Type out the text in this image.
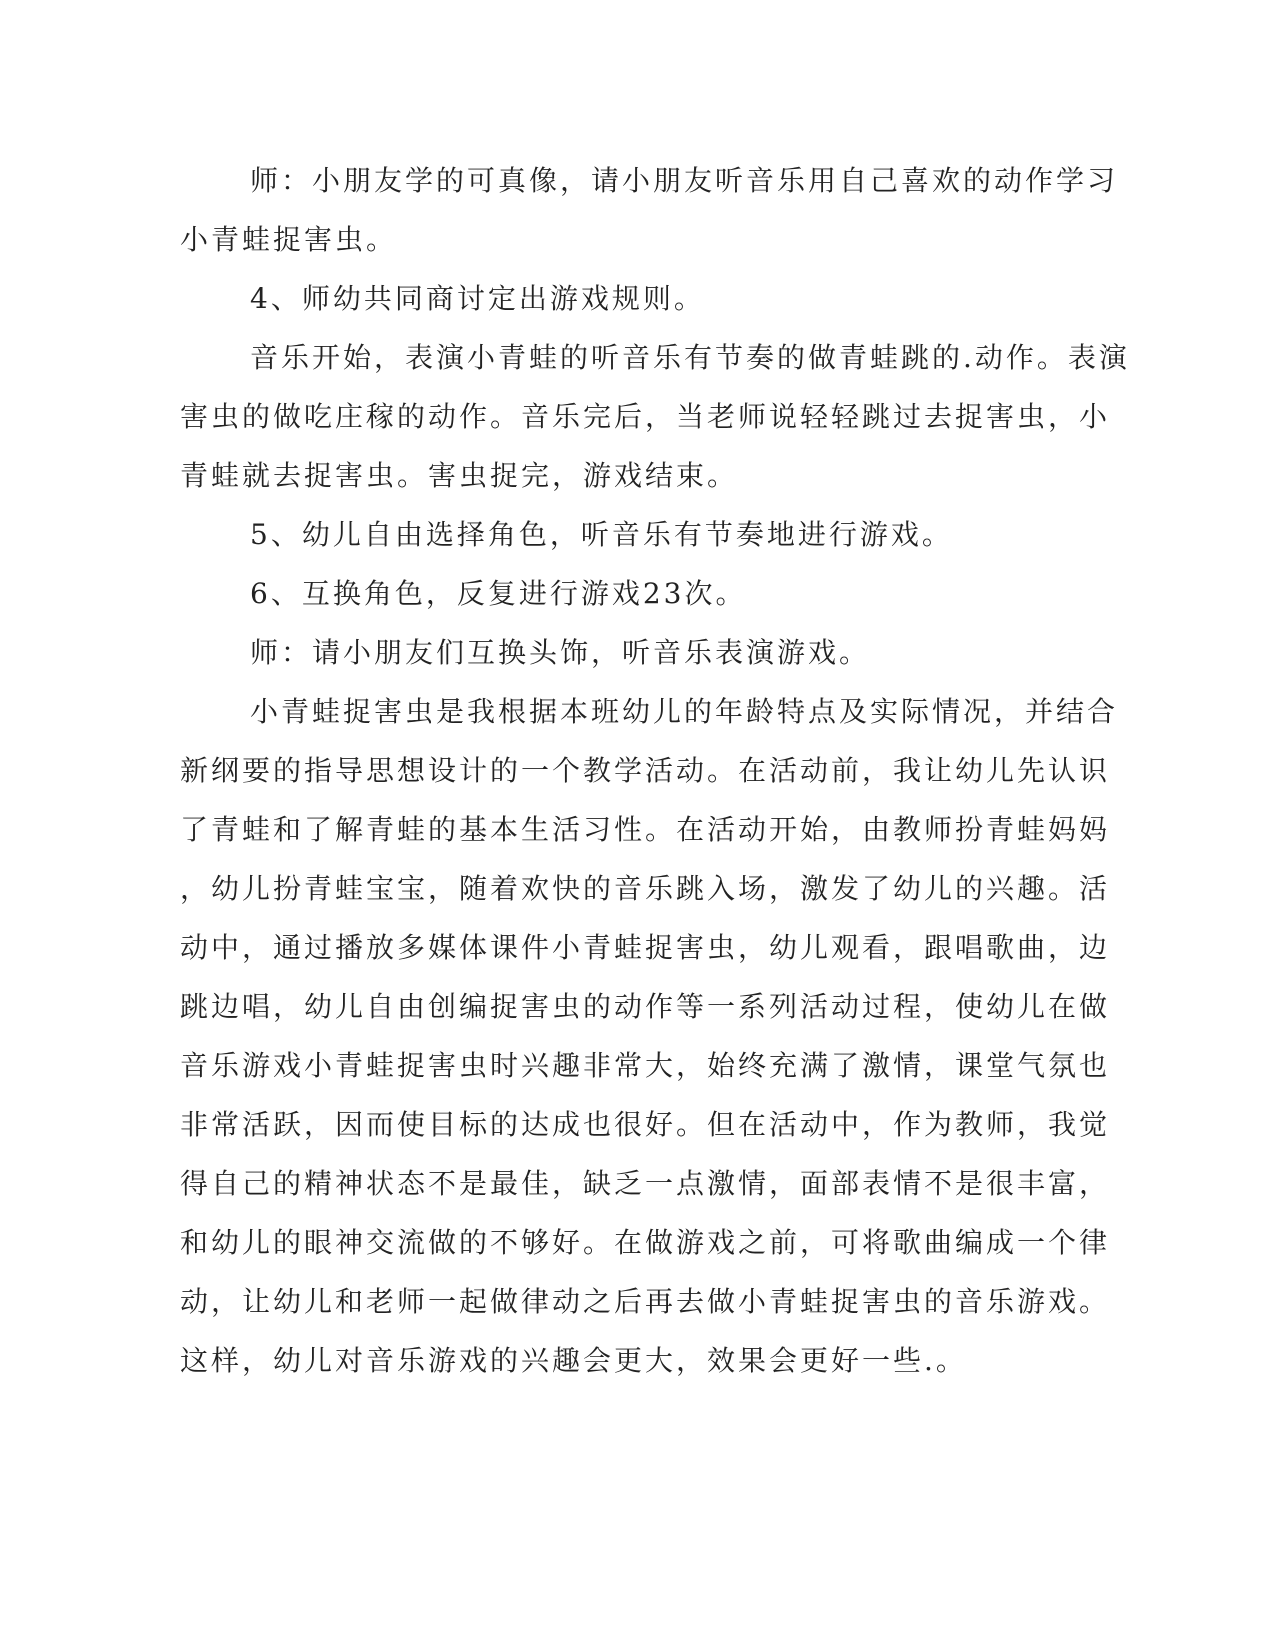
师：小朋友学的可真像，请小朋友听音乐用自己喜欢的动作学习
小青蛙捉害虫。
4、师幼共同商讨定出游戏规则。
音乐开始，表演小青蛙的听音乐有节奏的做青蛙跳的.动作。表演
害虫的做吃庄稼的动作。音乐完后，当老师说轻轻跳过去捉害虫，小
青蛙就去捉害虫。害虫捉完，游戏结束。
5、幼儿自由选择角色，听音乐有节奏地进行游戏。
6、互换角色，反复进行游戏23次。
师：请小朋友们互换头饰，听音乐表演游戏。
小青蛙捉害虫是我根据本班幼儿的年龄特点及实际情况，并结合
新纲要的指导思想设计的一个教学活动。在活动前，我让幼儿先认识
了青蛙和了解青蛙的基本生活习性。在活动开始，由教师扮青蛙妈妈
，幼儿扮青蛙宝宝，随着欢快的音乐跳入场，激发了幼儿的兴趣。活
动中，通过播放多媒体课件小青蛙捉害虫，幼儿观看，跟唱歌曲，边
跳边唱，幼儿自由创编捉害虫的动作等一系列活动过程，使幼儿在做
音乐游戏小青蛙捉害虫时兴趣非常大，始终充满了激情，课堂气氛也
非常活跃，因而使目标的达成也很好。但在活动中，作为教师，我觉
得自己的精神状态不是最佳，缺乏一点激情，面部表情不是很丰富，
和幼儿的眼神交流做的不够好。在做游戏之前，可将歌曲编成一个律
动，让幼儿和老师一起做律动之后再去做小青蛙捉害虫的音乐游戏。
这样，幼儿对音乐游戏的兴趣会更大，效果会更好一些.。
